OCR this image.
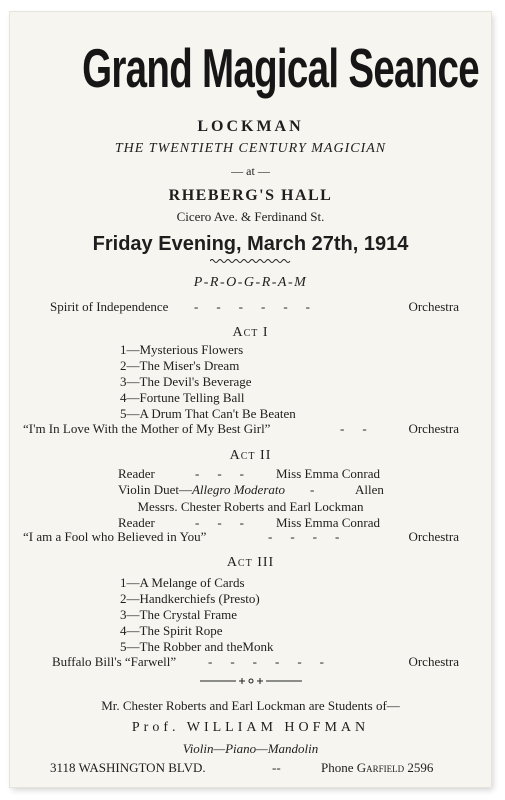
Grand Magical Seance
LOCKMAN
THE TWENTIETH CENTURY MAGICIAN
— at —
RHEBERG'S HALL
Cicero Ave. & Ferdinand St.
Friday Evening, March 27th, 1914
P-R-O-G-R-A-M
Spirit of Independence ------	Orchestra
Act I
1—Mysterious Flowers
2—The Miser's Dream
3—The Devil's Beverage
4—Fortune Telling Ball
5—A Drum That Can't Be Beaten
“I'm In Love With the Mother of My Best Girl”	-- Orchestra
Act II
Reader	--- Miss Emma Conrad
Violin Duet—Allegro Moderato -	Allen
Messrs. Chester Roberts and Earl Lockman
Reader	--- Miss Emma Conrad
“I am a Fool who Believed in You”	----	Orchestra
Act III
1—A Melange of Cards
2—Handkerchiefs (Presto)
3—The Crystal Frame
4—The Spirit Rope
5—The Robber and theMonk
Buffalo Bill's “Farwell” ------	Orchestra
Mr. Chester Roberts and Earl Lockman are Students of—
Prof. WILLIAM HOFMAN
Violin—Piano—Mandolin
3118 WASHINGTON BLVD.	--	Phone Garfield 2596
